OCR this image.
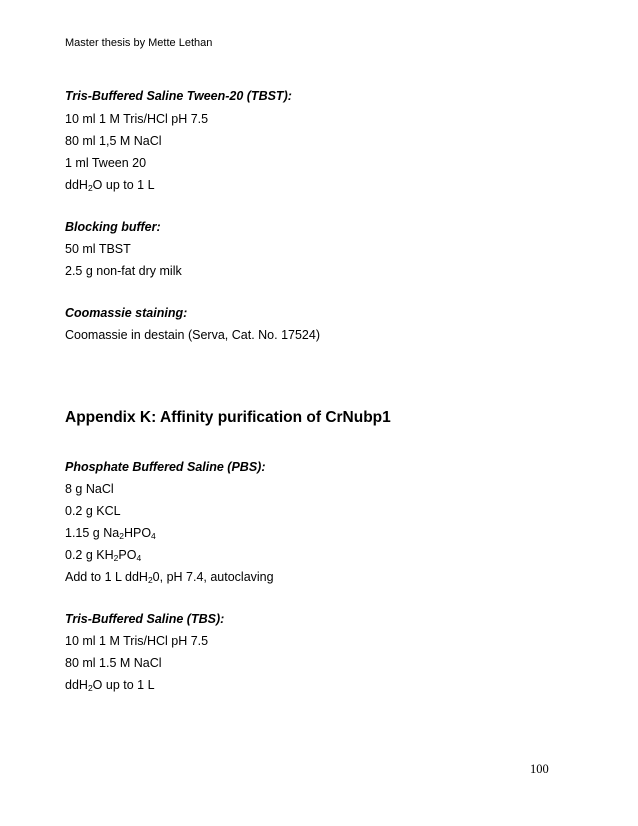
Master thesis by Mette Lethan
Tris-Buffered Saline Tween-20 (TBST):
10 ml 1 M Tris/HCl pH 7.5
80 ml 1,5 M NaCl
1 ml Tween 20
ddH$_2$O up to 1 L
Blocking buffer:
50 ml TBST
2.5 g non-fat dry milk
Coomassie staining:
Coomassie in destain (Serva, Cat. No. 17524)
Appendix K: Affinity purification of CrNubp1
Phosphate Buffered Saline (PBS):
8 g NaCl
0.2 g KCL
1.15 g $Na_2HPO_4$
0.2 g $KH_2PO_4$
Add to 1 L ddH$_2$0, pH 7.4, autoclaving
Tris-Buffered Saline (TBS):
10 ml 1 M Tris/HCl pH 7.5
80 ml 1.5 M NaCl
ddH$_2$O up to 1 L
100
